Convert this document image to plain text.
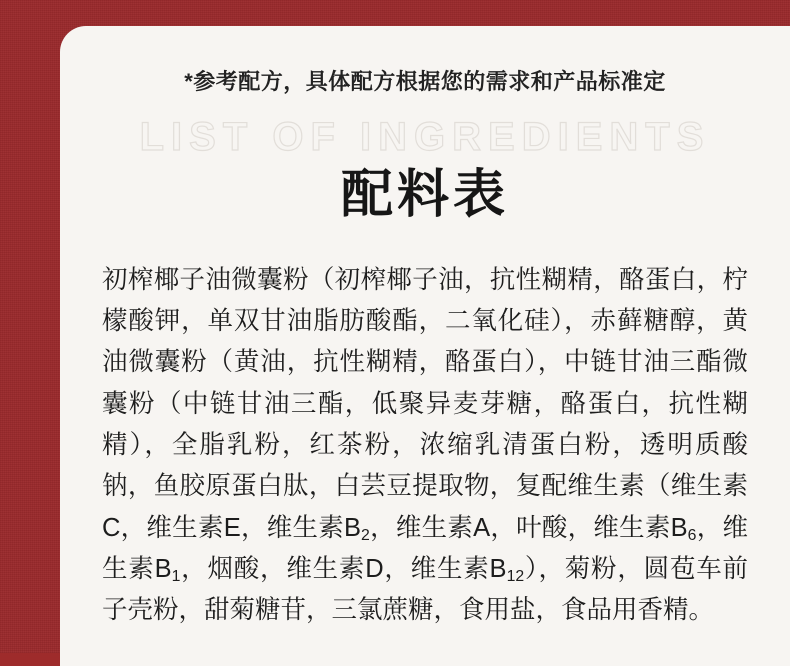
*参考配方，具体配方根据您的需求和产品标准定
LIST OF INGREDIENTS
配料表
初榨椰子油微囊粉（初榨椰子油，抗性糊精，酪蛋白，柠檬酸钾，单双甘油脂肪酸酯，二氧化硅），赤藓糖醇，黄油微囊粉（黄油，抗性糊精，酪蛋白），中链甘油三酯微囊粉（中链甘油三酯，低聚异麦芽糖，酪蛋白，抗性糊精），全脂乳粉，红茶粉，浓缩乳清蛋白粉，透明质酸钠，鱼胶原蛋白肽，白芸豆提取物，复配维生素（维生素C，维生素E，维生素$B_2$，维生素A，叶酸，维生素$B_6$，维生素$B_1$，烟酸，维生素D，维生素$B_{12}$），菊粉，圆苞车前子壳粉，甜菊糖苷，三氯蔗糖，食用盐，食品用香精。
